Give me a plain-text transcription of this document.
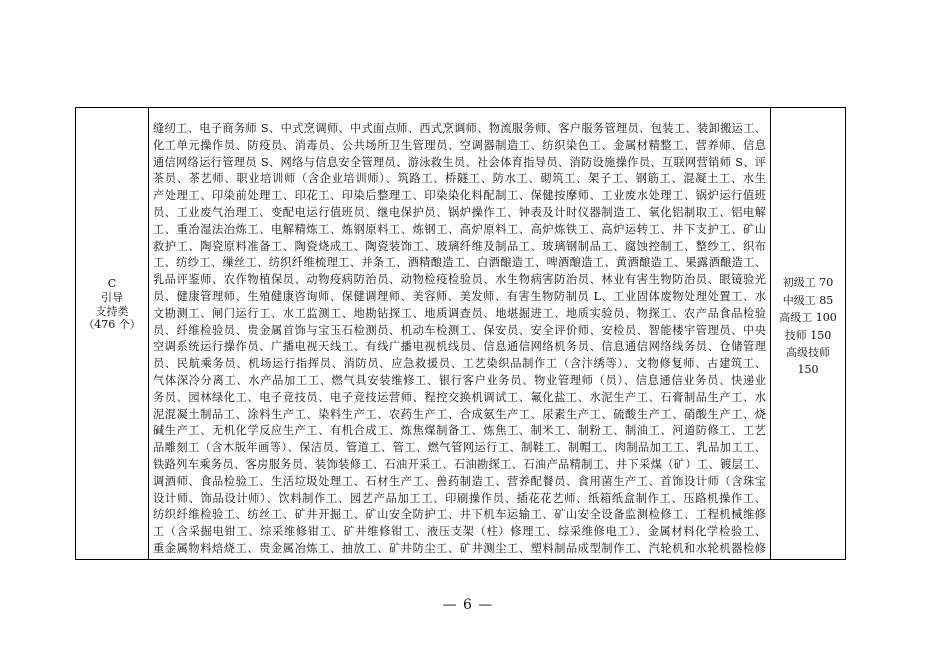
C
引导
支持类
（476 个）
缝纫工、电子商务师 S、中式烹调师、中式面点师、西式烹调师、物流服务师、客户服务管理员、包装工、装卸搬运工、
化工单元操作员、防疫员、消毒员、公共场所卫生管理员、空调器制造工、纺织染色工、金属材精整工、营养师、信息
通信网络运行管理员 S、网络与信息安全管理员、游泳救生员、社会体育指导员、消防设施操作员、互联网营销师 S、评
茶员、茶艺师、职业培训师（含企业培训师）、筑路工、桥隧工、防水工、砌筑工、架子工、钢筋工、混凝土工、水生
产处理工、印染前处理工、印花工、印染后整理工、印染染化料配制工、保健按摩师、工业废水处理工、锅炉运行值班
员、工业废气治理工、变配电运行值班员、继电保护员、锅炉操作工、钟表及计时仪器制造工、氧化铝制取工、铝电解
工、重冶湿法冶炼工、电解精炼工、炼钢原料工、炼钢工、高炉原料工、高炉炼铁工、高炉运转工、井下支护工、矿山
救护工、陶瓷原料准备工、陶瓷烧成工、陶瓷装饰工、玻璃纤维及制品工、玻璃钢制品工、腐蚀控制工、整纱工、织布
工、纺纱工、缫丝工、纺织纤维梳理工、并条工、酒精酿造工、白酒酿造工、啤酒酿造工、黄酒酿造工、果露酒酿造工、
乳品评鉴师、农作物植保员、动物疫病防治员、动物检疫检验员、水生物病害防治员、林业有害生物防治员、眼镜验光
员、健康管理师、生殖健康咨询师、保健调理师、美容师、美发师、有害生物防制员 L、工业固体废物处理处置工、水
文勘测工、闸门运行工、水工监测工、地勘钻探工、地质调查员、地堪掘进工、地质实验员、物探工、农产品食品检验
员、纤维检验员、贵金属首饰与宝玉石检测员、机动车检测工、保安员、安全评价师、安检员、智能楼宇管理员、中央
空调系统运行操作员、广播电视天线工、有线广播电视机线员、信息通信网络机务员、信息通信网络线务员、仓储管理
员、民航乘务员、机场运行指挥员、消防员、应急救援员、工艺染织品制作工（含汴绣等）、文物修复师、古建筑工、
气体深冷分离工、水产品加工工、燃气具安装维修工、银行客户业务员、物业管理师（员）、信息通信业务员、快递业
务员、园林绿化工、电子竞技员、电子竞技运营师、程控交换机调试工、氟化盐工、水泥生产工、石膏制品生产工、水
泥混凝土制品工、涂料生产工、染料生产工、农药生产工、合成氨生产工、尿素生产工、硫酸生产工、硝酸生产工、烧
碱生产工、无机化学反应生产工、有机合成工、炼焦煤制备工、炼焦工、制米工、制粉工、制油工、河道防修工、工艺
品雕刻工（含木版年画等）、保洁员、管道工、管工、燃气管网运行工、制鞋工、制帽工、肉制品加工工、乳品加工工、
铁路列车乘务员、客房服务员、装饰装修工、石油开采工、石油勘探工、石油产品精制工、井下采煤（矿）工、镀层工、
调酒师、食品检验工、生活垃圾处理工、石材生产工、兽药制造工、营养配餐员、食用菌生产工、首饰设计师（含珠宝
设计师、饰品设计师）、饮料制作工、园艺产品加工工、印刷操作员、插花花艺师、纸箱纸盒制作工、压路机操作工、
纺织纤维检验工、纺丝工、矿井开掘工、矿山安全防护工、井下机车运输工、矿山安全设备监测检修工、工程机械维修
工（含采掘电钳工、综采维修钳工、矿井维修钳工、液压支架（柱）修理工、综采维修电工）、金属材料化学检验工、
重金属物料焙烧工、贵金属冶炼工、抽放工、矿井防尘工、矿井测尘工、塑料制品成型制作工、汽轮机和水轮机器检修
初级工 70
中级工 85
高级工 100
技师 150
高级技师
150
— 6 —
